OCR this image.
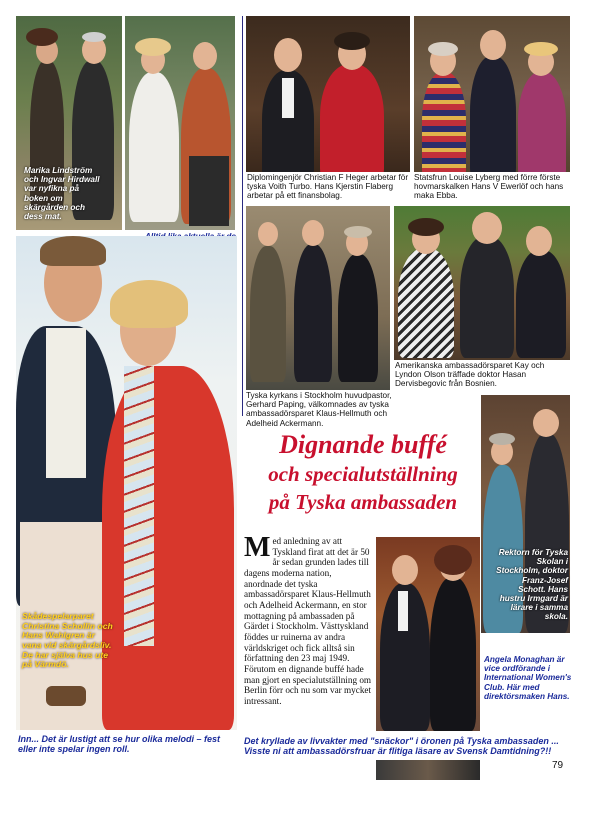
Marika Lindström och Ingvar Hirdwall var nyfikna på boken om skärgården och dess mat.
Diplomingenjör Christian F Heger arbetar för tyska Voith Turbo. Hans Kjerstin Flaberg arbetar på ett finansbolag.
Statsfrun Louise Lyberg med förre förste hovmarskalken Hans V Ewerlöf och hans maka Ebba.
Tyska kyrkans i Stockholm huvudpastor, Gerhard Paping, välkomnades av tyska ambassadörsparet Klaus-Hellmuth och Adelheid Ackermann.
Amerikanska ambassadörsparet Kay och Lyndon Olson träffade doktor Hasan Dervisbegovic från Bosnien.
Rektorn för Tyska Skolan i Stockholm, doktor Franz-Josef Schott. Hans hustru Irmgard är lärare i samma skola.
Dignande buffé
och specialutställning
på Tyska ambassaden
Med anledning av att Tyskland firat att det är 50 år sedan grunden lades till dagens moderna nation, anordnade det tyska ambassadörsparet Klaus-Hellmuth och Adelheid Ackermann, en stor mottagning på ambassaden på Gärdet i Stockholm. Västtyskland föddes ur ruinerna av andra världskriget och fick alltså sin författning den 23 maj 1949. Förutom en dignande buffé hade man gjort en specialutställning om Berlin förr och nu som var mycket intressant.
Angela Monaghan är vice ordförande i International Women's Club. Här med direktörsmaken Hans.
Skådespelarparet Christina Schollin och Hans Wahlgren är vana vid skärgårdsliv. De har själva hus ute på Värmdö.
Inn... Det är lustigt att se hur olika melodi – fest eller inte spelar ingen roll.
Det kryllade av livvakter med "snäckor" i öronen på Tyska ambassaden ... Visste ni att ambassadörsfruar är flitiga läsare av Svensk Damtidning?!!
79
